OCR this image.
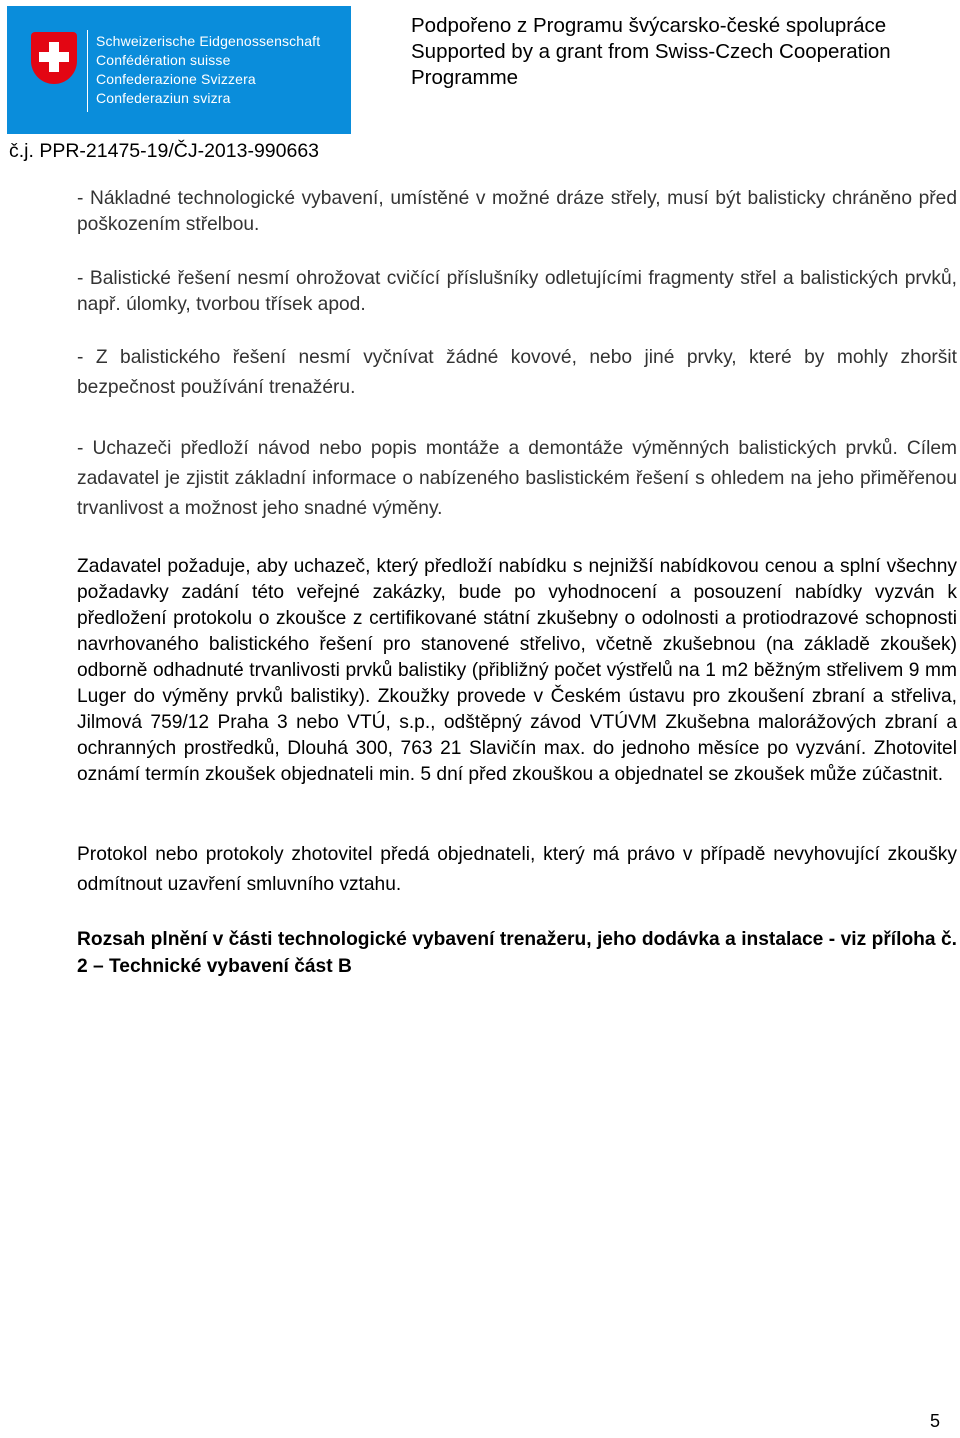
Schweizerische Eidgenossenschaft
Confédération suisse
Confederazione Svizzera
Confederaziun svizra
Podpořeno z Programu švýcarsko-české spolupráce
Supported by a grant from Swiss-Czech Cooperation
Programme
č.j. PPR-21475-19/ČJ-2013-990663

- Nákladné technologické vybavení, umístěné v možné dráze střely, musí být balisticky chráněno před poškozením střelbou.

- Balistické řešení nesmí ohrožovat cvičící příslušníky odletujícími fragmenty střel a balistických prvků, např. úlomky, tvorbou třísek apod.

- Z balistického řešení nesmí vyčnívat žádné kovové, nebo jiné prvky, které by mohly zhoršit bezpečnost používání trenažéru.

- Uchazeči předloží návod nebo popis montáže a demontáže výměnných balistických prvků. Cílem zadavatel je zjistit základní informace o nabízeného baslistickém řešení s ohledem na jeho přiměřenou trvanlivost a možnost jeho snadné výměny.

Zadavatel požaduje, aby uchazeč, který předloží nabídku s nejnižší nabídkovou cenou a splní všechny požadavky zadání této veřejné zakázky, bude po vyhodnocení a posouzení nabídky vyzván k předložení protokolu o zkoušce z certifikované státní zkušebny o odolnosti a protiodrazové schopnosti navrhovaného balistického řešení pro stanovené střelivo, včetně zkušebnou (na základě zkoušek) odborně odhadnuté trvanlivosti prvků balistiky (přibližný počet výstřelů na 1 m2 běžným střelivem 9 mm Luger do výměny prvků balistiky). Zkoužky provede v Českém ústavu pro zkoušení zbraní a střeliva, Jilmová 759/12 Praha 3 nebo VTÚ, s.p., odštěpný závod VTÚVM Zkušebna malorážových zbraní a ochranných prostředků, Dlouhá 300, 763 21 Slavičín max. do jednoho měsíce po vyzvání. Zhotovitel oznámí termín zkoušek objednateli min. 5 dní před zkouškou a objednatel se zkoušek může zúčastnit.

Protokol nebo protokoly zhotovitel předá objednateli, který má právo v případě nevyhovující zkoušky odmítnout uzavření smluvního vztahu.

Rozsah plnění v části technologické vybavení trenažeru, jeho dodávka a instalace - viz příloha č. 2 – Technické vybavení část B

5
